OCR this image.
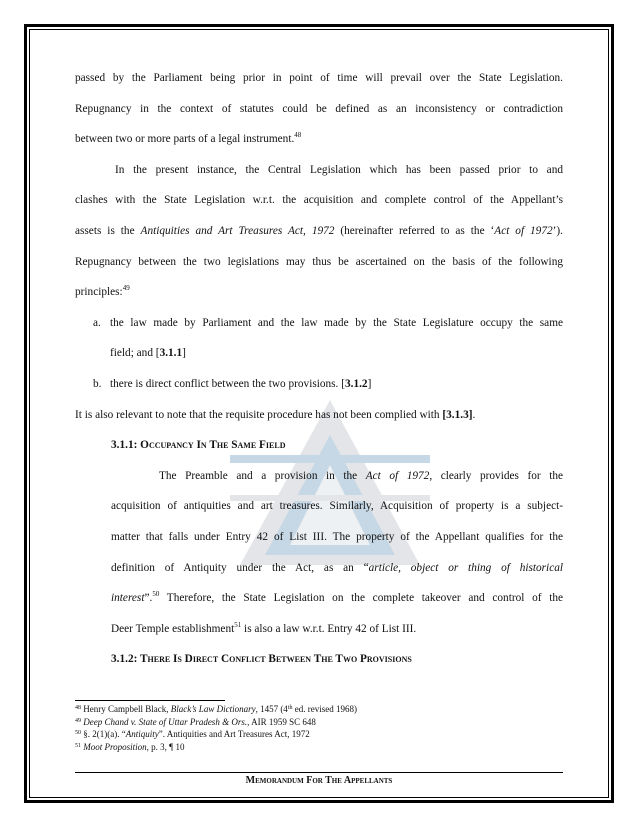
passed by the Parliament being prior in point of time will prevail over the State Legislation.

Repugnancy in the context of statutes could be defined as an inconsistency or contradiction

between two or more parts of a legal instrument.$^{48}$

In the present instance, the Central Legislation which has been passed prior to and

clashes with the State Legislation w.r.t. the acquisition and complete control of the Appellant’s

assets is the Antiquities and Art Treasures Act, 1972 (hereinafter referred to as the ‘Act of 1972’).

Repugnancy between the two legislations may thus be ascertained on the basis of the following

principles:$^{49}$

a. the law made by Parliament and the law made by the State Legislature occupy the same

field; and [3.1.1]

b. there is direct conflict between the two provisions. [3.1.2]

It is also relevant to note that the requisite procedure has not been complied with [3.1.3].

3.1.1: Occupancy In The Same Field

The Preamble and a provision in the Act of 1972, clearly provides for the

acquisition of antiquities and art treasures. Similarly, Acquisition of property is a subject-

matter that falls under Entry 42 of List III. The property of the Appellant qualifies for the

definition of Antiquity under the Act, as an “article, object or thing of historical

interest”.$^{50}$ Therefore, the State Legislation on the complete takeover and control of the

Deer Temple establishment$^{51}$ is also a law w.r.t. Entry 42 of List III.

3.1.2: There Is Direct Conflict Between The Two Provisions

$^{48}$ Henry Campbell Black, Black’s Law Dictionary, 1457 (4th ed. revised 1968)

$^{49}$ Deep Chand v. State of Uttar Pradesh & Ors., AIR 1959 SC 648

$^{50}$ §. 2(1)(a). “Antiquity”. Antiquities and Art Treasures Act, 1972

$^{51}$ Moot Proposition, p. 3, ¶ 10

Memorandum For The Appellants
